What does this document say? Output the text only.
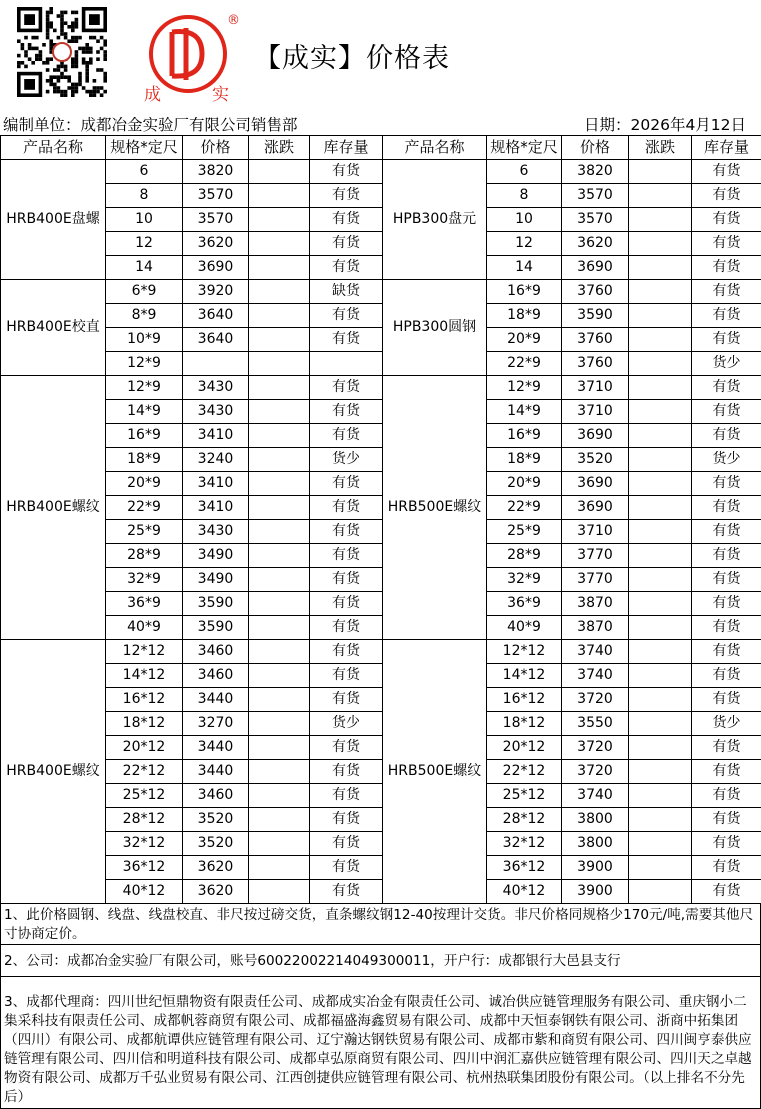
®
成	实
【成实】价格表
编制单位：成都冶金实验厂有限公司销售部	日期：2026年4月12日
产品名称	规格*定尺	价格	涨跌	库存量	产品名称	规格*定尺	价格	涨跌	库存量
HRB400E盘螺	6	3820		有货	HPB300盘元	6	3820		有货
	8	3570		有货		8	3570		有货
	10	3570		有货		10	3570		有货
	12	3620		有货		12	3620		有货
	14	3690		有货		14	3690		有货
HRB400E校直	6*9	3920		缺货	HPB300圆钢	16*9	3760		有货
	8*9	3640		有货		18*9	3590		有货
	10*9	3640		有货		20*9	3760		有货
	12*9					22*9	3760		货少
HRB400E螺纹	12*9	3430		有货	HRB500E螺纹	12*9	3710		有货
	14*9	3430		有货		14*9	3710		有货
	16*9	3410		有货		16*9	3690		有货
	18*9	3240		货少		18*9	3520		货少
	20*9	3410		有货		20*9	3690		有货
	22*9	3410		有货		22*9	3690		有货
	25*9	3430		有货		25*9	3710		有货
	28*9	3490		有货		28*9	3770		有货
	32*9	3490		有货		32*9	3770		有货
	36*9	3590		有货		36*9	3870		有货
	40*9	3590		有货		40*9	3870		有货
HRB400E螺纹	12*12	3460		有货	HRB500E螺纹	12*12	3740		有货
	14*12	3460		有货		14*12	3740		有货
	16*12	3440		有货		16*12	3720		有货
	18*12	3270		货少		18*12	3550		货少
	20*12	3440		有货		20*12	3720		有货
	22*12	3440		有货		22*12	3720		有货
	25*12	3460		有货		25*12	3740		有货
	28*12	3520		有货		28*12	3800		有货
	32*12	3520		有货		32*12	3800		有货
	36*12	3620		有货		36*12	3900		有货
	40*12	3620		有货		40*12	3900		有货
1、此价格圆钢、线盘、线盘校直、非尺按过磅交货，直条螺纹钢12-40按理计交货。非尺价格同规格少170元/吨,需要其他尺寸协商定价。
2、公司：成都冶金实验厂有限公司，账号60022002214049300011，开户行：成都银行大邑县支行
3、成都代理商：四川世纪恒鼎物资有限责任公司、成都成实冶金有限责任公司、诚冶供应链管理服务有限公司、重庆钢小二集采科技有限责任公司、成都帆蓉商贸有限公司、成都福盛海鑫贸易有限公司、成都中天恒泰钢铁有限公司、浙商中拓集团（四川）有限公司、成都航谭供应链管理有限公司、辽宁瀚达钢铁贸易有限公司、成都市紫和商贸有限公司、四川闽亨泰供应链管理有限公司、四川信和明道科技有限公司、成都卓弘原商贸有限公司、四川中润汇嘉供应链管理有限公司、四川天之卓越物资有限公司、成都万千弘业贸易有限公司、江西创捷供应链管理有限公司、杭州热联集团股份有限公司。（以上排名不分先后）
